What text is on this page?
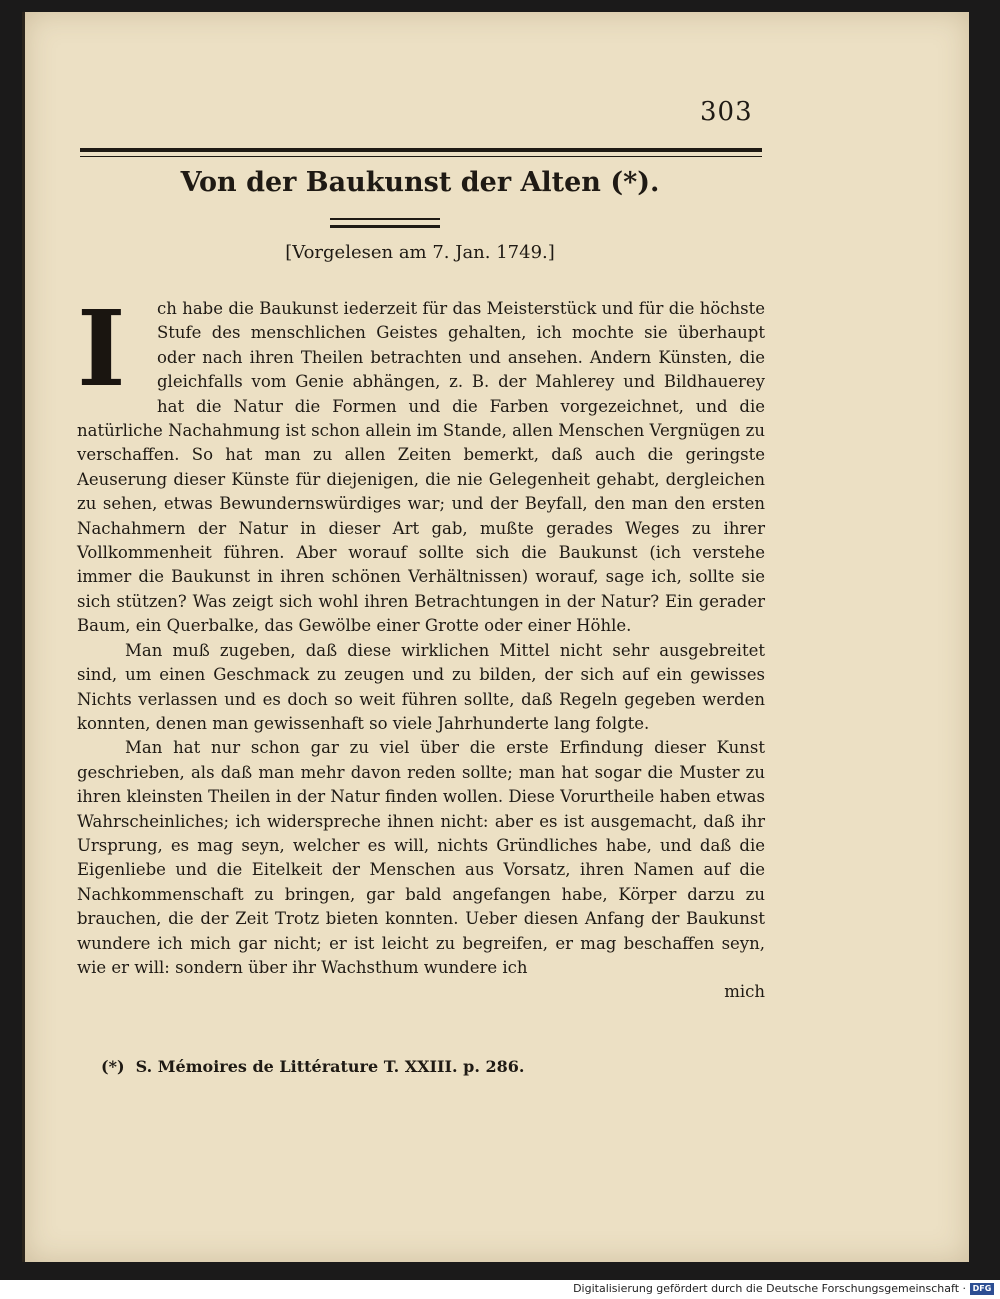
303
Von der Baukunst der Alten (*).
[Vorgelesen am 7. Jan. 1749.]

I	ch habe die Baukunst iederzeit für das Meisterstück und für die höchste Stufe des menschlichen Geistes gehalten, ich mochte sie überhaupt oder nach ihren Theilen betrachten und ansehen. Andern Künsten, die gleichfalls vom Genie abhängen, z. B. der Mahlerey und Bildhauerey hat die Natur die Formen und die Farben vorgezeichnet, und die natürliche Nachahmung ist schon allein im Stande, allen Menschen Vergnügen zu verschaffen. So hat man zu allen Zeiten bemerkt, daß auch die geringste Aeuserung dieser Künste für diejenigen, die nie Gelegenheit gehabt, dergleichen zu sehen, etwas Bewundernswürdiges war; und der Beyfall, den man den ersten Nachahmern der Natur in dieser Art gab, mußte gerades Weges zu ihrer Vollkommenheit führen. Aber worauf sollte sich die Baukunst (ich verstehe immer die Baukunst in ihren schönen Verhältnissen) worauf, sage ich, sollte sie sich stützen? Was zeigt sich wohl ihren Betrachtungen in der Natur? Ein gerader Baum, ein Querbalke, das Gewölbe einer Grotte oder einer Höhle.

Man muß zugeben, daß diese wirklichen Mittel nicht sehr ausgebreitet sind, um einen Geschmack zu zeugen und zu bilden, der sich auf ein gewisses Nichts verlassen und es doch so weit führen sollte, daß Regeln gegeben werden konnten, denen man gewissenhaft so viele Jahrhunderte lang folgte.

Man hat nur schon gar zu viel über die erste Erfindung dieser Kunst geschrieben, als daß man mehr davon reden sollte; man hat sogar die Muster zu ihren kleinsten Theilen in der Natur finden wollen. Diese Vorurtheile haben etwas Wahrscheinliches; ich widerspreche ihnen nicht: aber es ist ausgemacht, daß ihr Ursprung, es mag seyn, welcher es will, nichts Gründliches habe, und daß die Eigenliebe und die Eitelkeit der Menschen aus Vorsatz, ihren Namen auf die Nachkommenschaft zu bringen, gar bald angefangen habe, Körper darzu zu brauchen, die der Zeit Trotz bieten konnten. Ueber diesen Anfang der Baukunst wundere ich mich gar nicht; er ist leicht zu begreifen, er mag beschaffen seyn, wie er will: sondern über ihr Wachsthum wundere ich

mich
(*) S. Mémoires de Littérature T. XXIII. p. 286.
Digitalisierung gefördert durch die Deutsche Forschungsgemeinschaft · DFG
